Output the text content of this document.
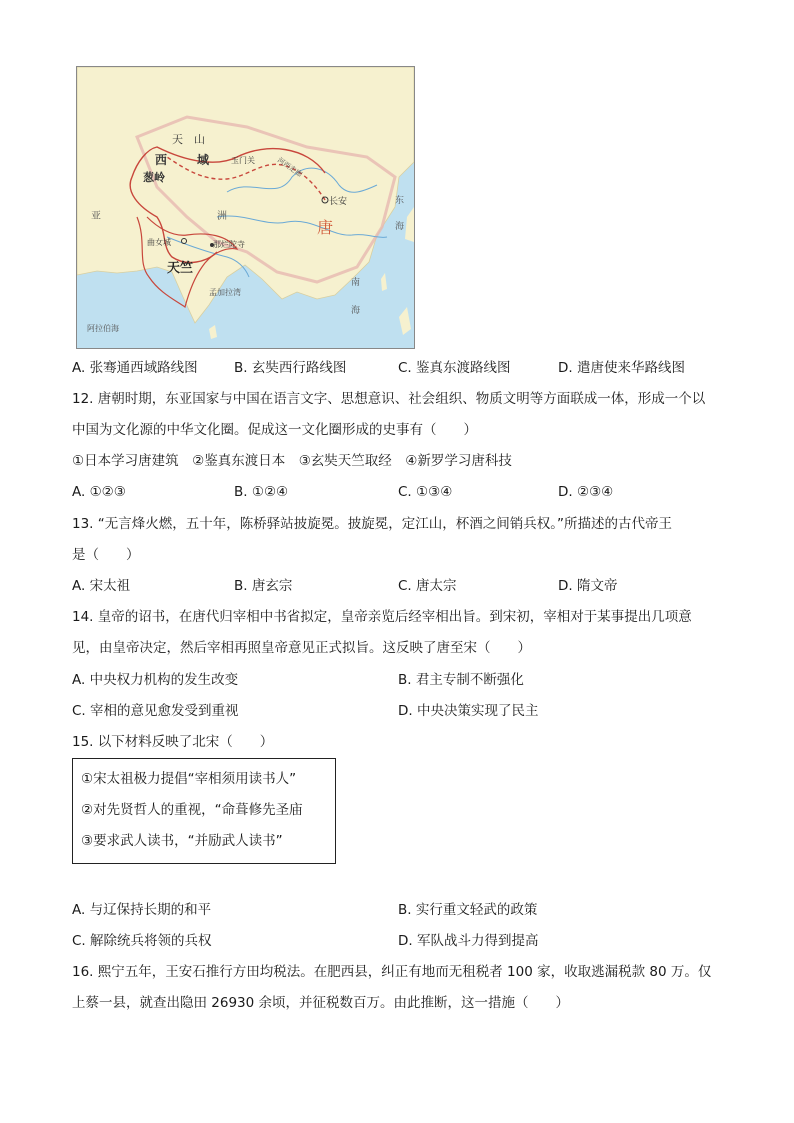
天　山
西 域
葱岭
玉门关	河西走廊
长安
唐
亚	洲
曲女城	那烂陀寺
天竺
孟加拉湾
阿拉伯海
东
海
南
海
A. 张骞通西域路线图	B. 玄奘西行路线图	C. 鉴真东渡路线图	D. 遣唐使来华路线图
12. 唐朝时期，东亚国家与中国在语言文字、思想意识、社会组织、物质文明等方面联成一体，形成一个以
中国为文化源的中华文化圈。促成这一文化圈形成的史事有（　　）
①日本学习唐建筑　②鉴真东渡日本　③玄奘天竺取经　④新罗学习唐科技
A. ①②③	B. ①②④	C. ①③④	D. ②③④
13. “无言烽火燃，五十年，陈桥驿站披旋冕。披旋冕，定江山，杯酒之间销兵权。”所描述的古代帝王
是（　　）
A. 宋太祖	B. 唐玄宗	C. 唐太宗	D. 隋文帝
14. 皇帝的诏书，在唐代归宰相中书省拟定，皇帝亲览后经宰相出旨。到宋初，宰相对于某事提出几项意
见，由皇帝决定，然后宰相再照皇帝意见正式拟旨。这反映了唐至宋（　　）
A. 中央权力机构的发生改变	B. 君主专制不断强化
C. 宰相的意见愈发受到重视	D. 中央决策实现了民主
15. 以下材料反映了北宋（　　）
①宋太祖极力提倡“宰相须用读书人”
②对先贤哲人的重视，“命葺修先圣庙
③要求武人读书，“并励武人读书”
A. 与辽保持长期的和平	B. 实行重文轻武的政策
C. 解除统兵将领的兵权	D. 军队战斗力得到提高
16. 熙宁五年，王安石推行方田均税法。在肥西县，纠正有地而无租税者 100 家，收取逃漏税款 80 万。仅
上蔡一县，就查出隐田 26930 余顷，并征税数百万。由此推断，这一措施（　　）
